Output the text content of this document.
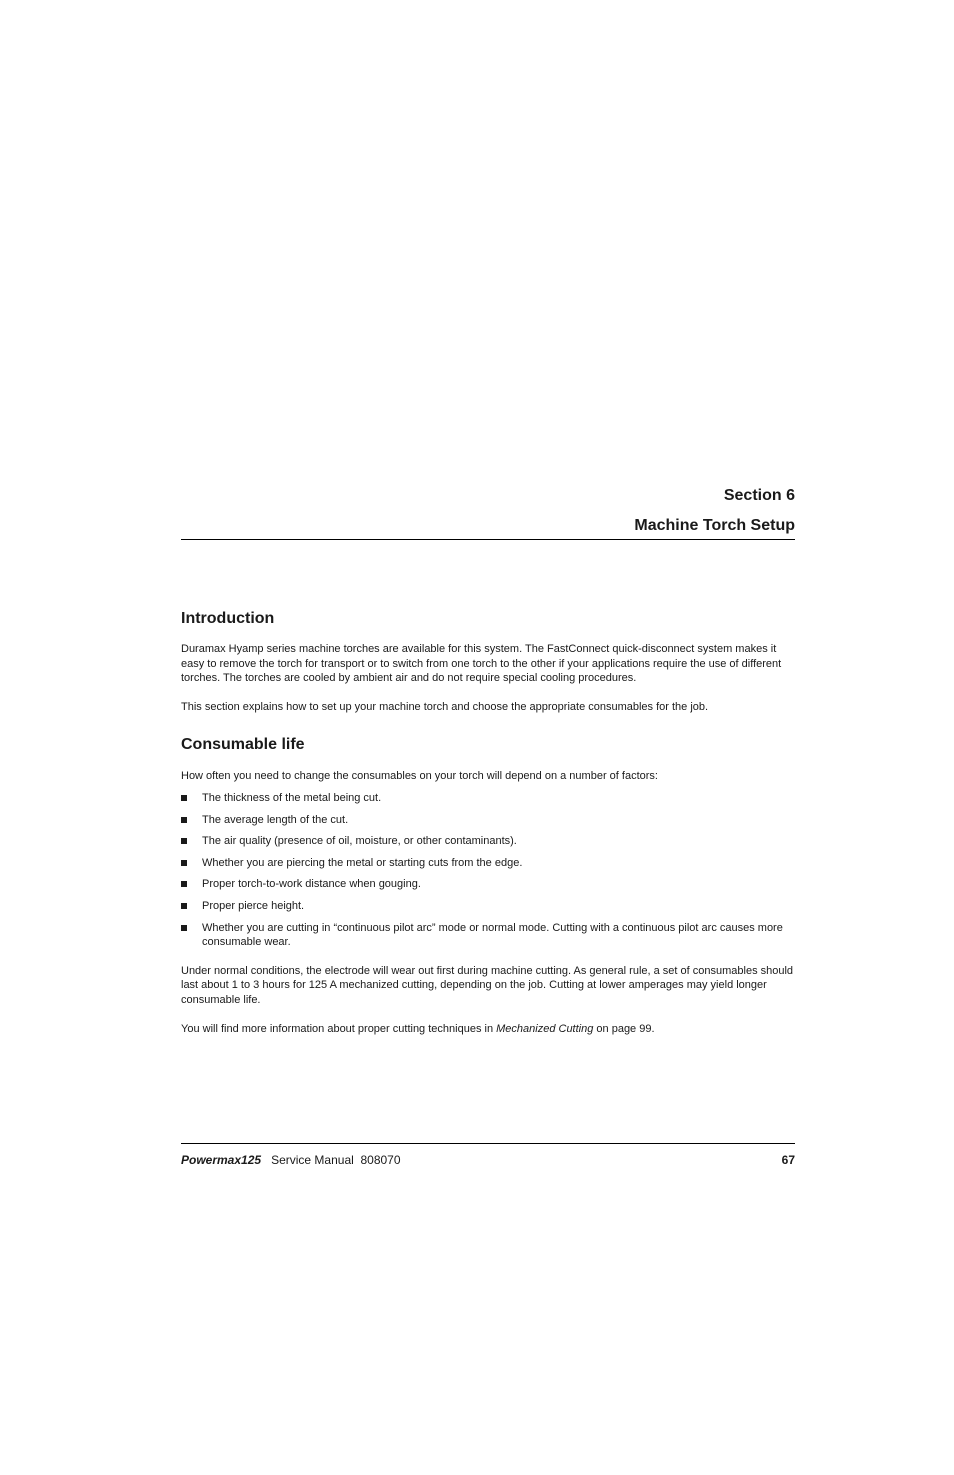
Section 6
Machine Torch Setup
Introduction

Duramax Hyamp series machine torches are available for this system. The FastConnect quick-disconnect system makes it easy to remove the torch for transport or to switch from one torch to the other if your applications require the use of different torches. The torches are cooled by ambient air and do not require special cooling procedures.

This section explains how to set up your machine torch and choose the appropriate consumables for the job.

Consumable life

How often you need to change the consumables on your torch will depend on a number of factors:

The thickness of the metal being cut.
The average length of the cut.
The air quality (presence of oil, moisture, or other contaminants).
Whether you are piercing the metal or starting cuts from the edge.
Proper torch-to-work distance when gouging.
Proper pierce height.
Whether you are cutting in “continuous pilot arc” mode or normal mode. Cutting with a continuous pilot arc causes more consumable wear.

Under normal conditions, the electrode will wear out first during machine cutting. As general rule, a set of consumables should last about 1 to 3 hours for 125 A mechanized cutting, depending on the job. Cutting at lower amperages may yield longer consumable life.

You will find more information about proper cutting techniques in Mechanized Cutting on page 99.

Powermax125 Service Manual 808070	67
